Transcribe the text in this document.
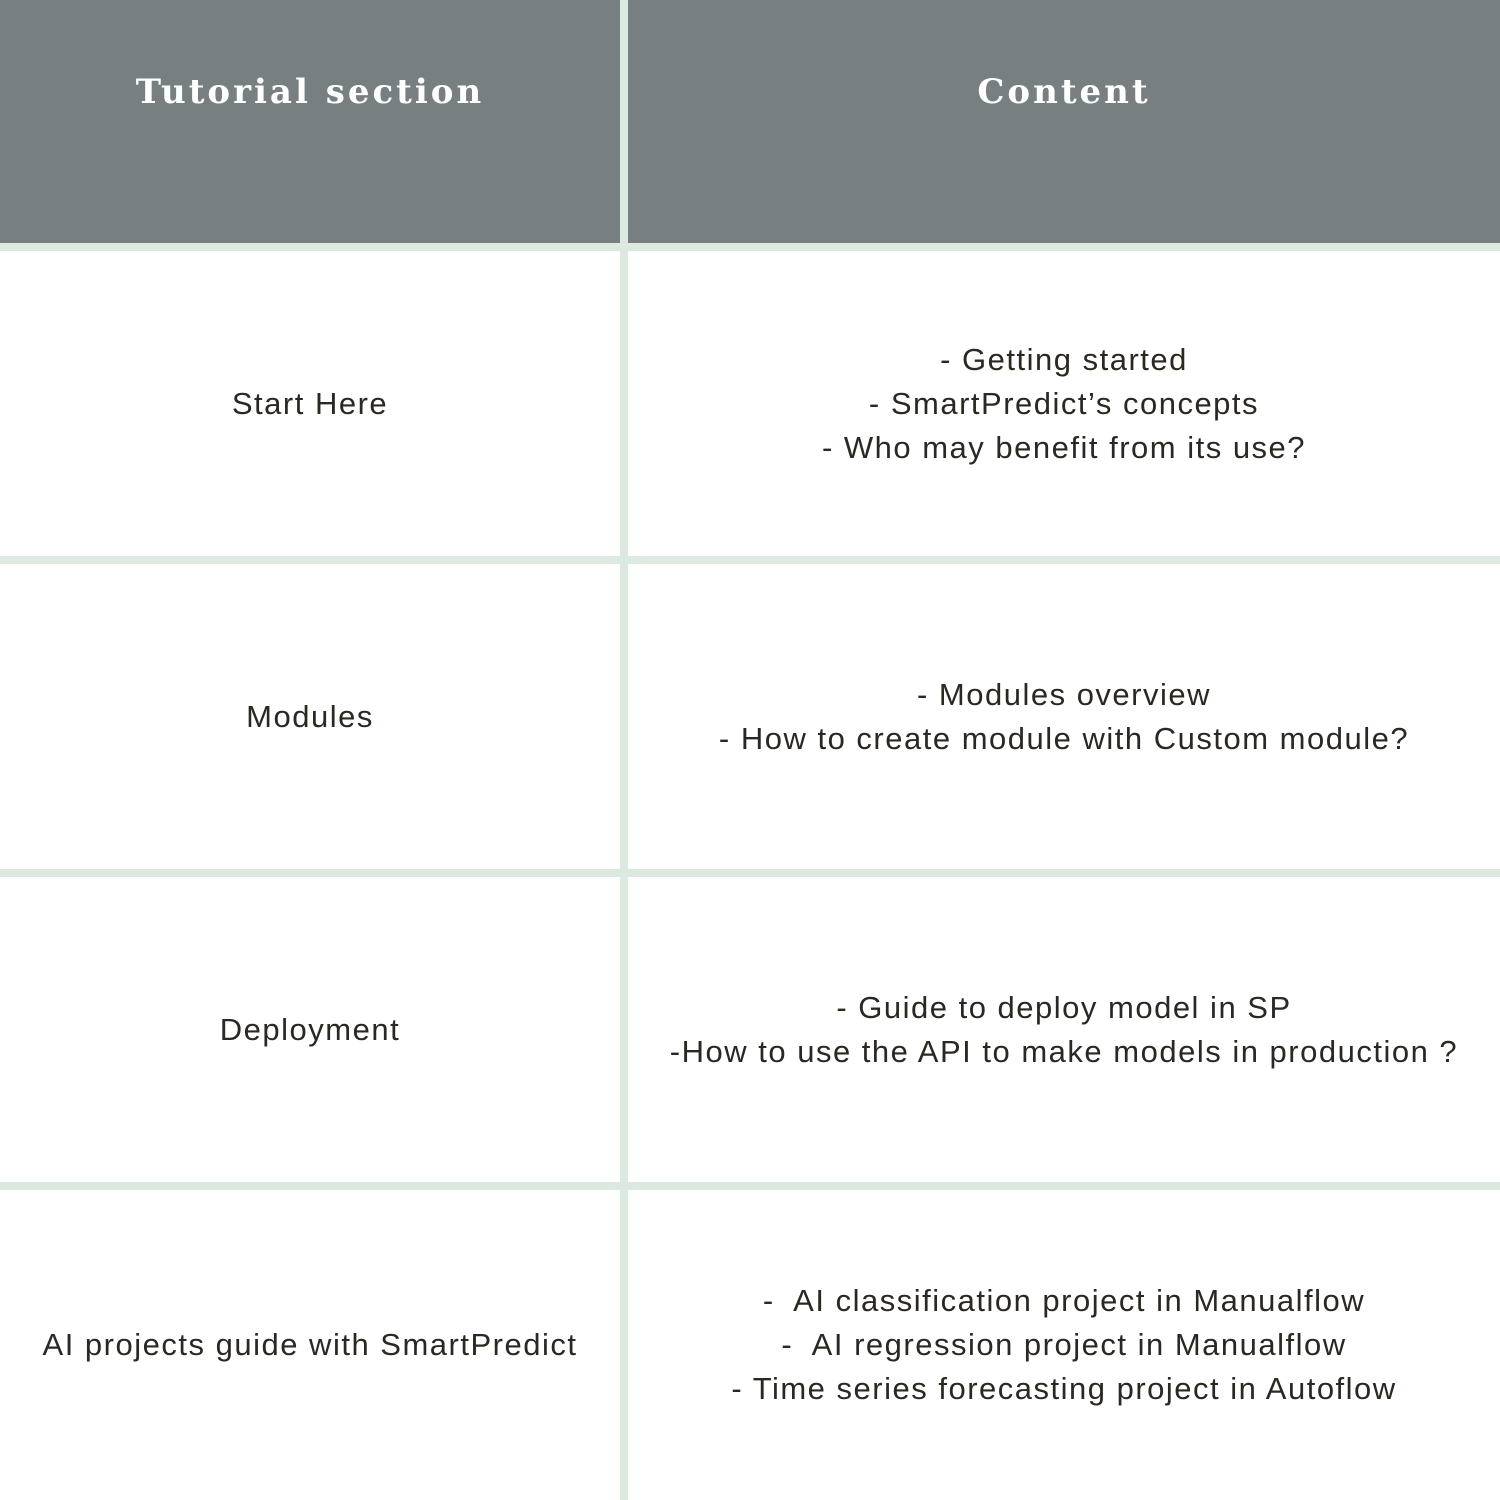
Tutorial section	Content
Start Here
- Getting started
- SmartPredict’s concepts
- Who may benefit from its use?
Modules
- Modules overview
- How to create module with Custom module?
Deployment
- Guide to deploy model in SP
-How to use the API to make models in production ?
AI projects guide with SmartPredict
-  AI classification project in Manualflow
-  AI regression project in Manualflow
- Time series forecasting project in Autoflow
